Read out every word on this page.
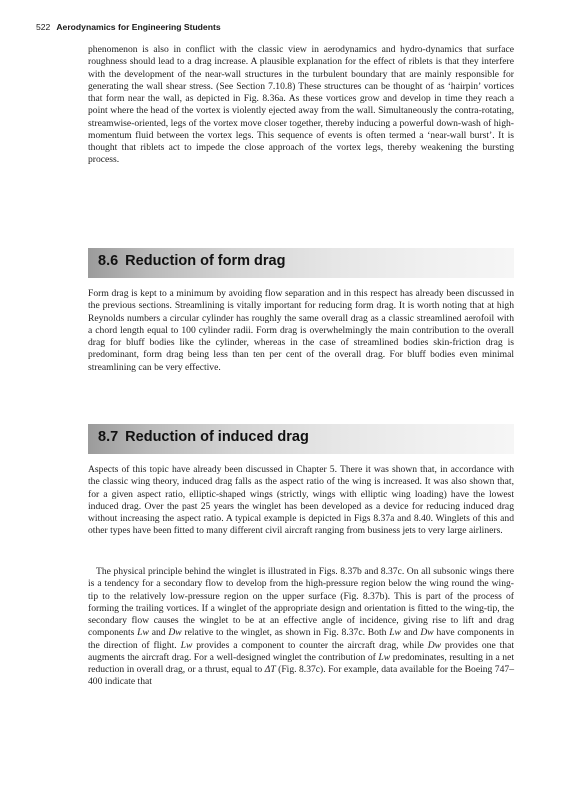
522 Aerodynamics for Engineering Students

phenomenon is also in conflict with the classic view in aerodynamics and hydro-dynamics that surface roughness should lead to a drag increase. A plausible explanation for the effect of riblets is that they interfere with the development of the near-wall structures in the turbulent boundary that are mainly responsible for generating the wall shear stress. (See Section 7.10.8) These structures can be thought of as ‘hairpin’ vortices that form near the wall, as depicted in Fig. 8.36a. As these vortices grow and develop in time they reach a point where the head of the vortex is violently ejected away from the wall. Simultaneously the contra-rotating, streamwise-oriented, legs of the vortex move closer together, thereby inducing a powerful down-wash of high-momentum fluid between the vortex legs. This sequence of events is often termed a ‘near-wall burst’. It is thought that riblets act to impede the close approach of the vortex legs, thereby weakening the bursting process.

8.6 Reduction of form drag

Form drag is kept to a minimum by avoiding flow separation and in this respect has already been discussed in the previous sections. Streamlining is vitally important for reducing form drag. It is worth noting that at high Reynolds numbers a circular cylinder has roughly the same overall drag as a classic streamlined aerofoil with a chord length equal to 100 cylinder radii. Form drag is overwhelmingly the main contribution to the overall drag for bluff bodies like the cylinder, whereas in the case of streamlined bodies skin-friction drag is predominant, form drag being less than ten per cent of the overall drag. For bluff bodies even minimal streamlining can be very effective.

8.7 Reduction of induced drag

Aspects of this topic have already been discussed in Chapter 5. There it was shown that, in accordance with the classic wing theory, induced drag falls as the aspect ratio of the wing is increased. It was also shown that, for a given aspect ratio, elliptic-shaped wings (strictly, wings with elliptic wing loading) have the lowest induced drag. Over the past 25 years the winglet has been developed as a device for reducing induced drag without increasing the aspect ratio. A typical example is depicted in Figs 8.37a and 8.40. Winglets of this and other types have been fitted to many different civil aircraft ranging from business jets to very large airliners.

The physical principle behind the winglet is illustrated in Figs. 8.37b and 8.37c. On all subsonic wings there is a tendency for a secondary flow to develop from the high-pressure region below the wing round the wing-tip to the relatively low-pressure region on the upper surface (Fig. 8.37b). This is part of the process of forming the trailing vortices. If a winglet of the appropriate design and orientation is fitted to the wing-tip, the secondary flow causes the winglet to be at an effective angle of incidence, giving rise to lift and drag components Lw and Dw relative to the winglet, as shown in Fig. 8.37c. Both Lw and Dw have components in the direction of flight. Lw provides a component to counter the aircraft drag, while Dw provides one that augments the aircraft drag. For a well-designed winglet the contribution of Lw predominates, resulting in a net reduction in overall drag, or a thrust, equal to ΔT (Fig. 8.37c). For example, data available for the Boeing 747–400 indicate that
